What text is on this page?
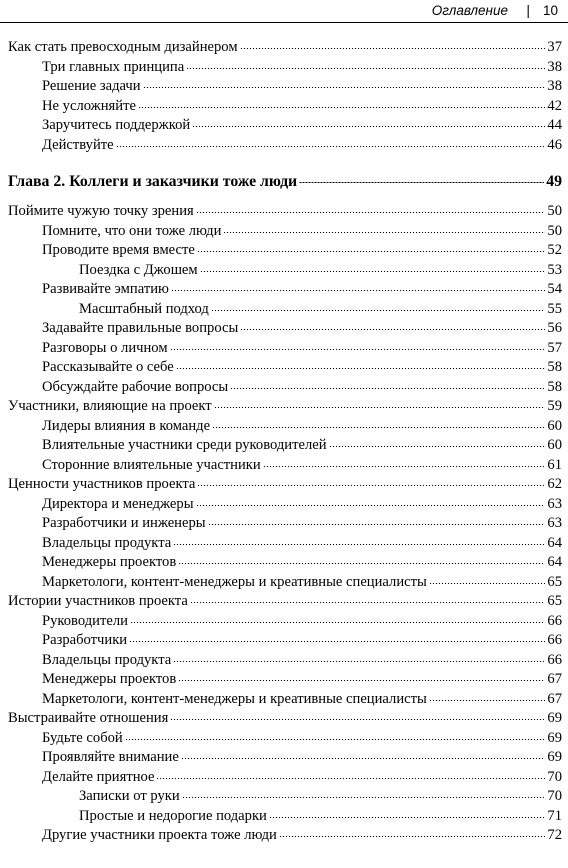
Оглавление | 10
Как стать превосходным дизайнером	37
Три главных принципа	38
Решение задачи	38
Не усложняйте	42
Заручитесь поддержкой	44
Действуйте	46
Глава 2. Коллеги и заказчики тоже люди	49
Поймите чужую точку зрения	50
Помните, что они тоже люди	50
Проводите время вместе	52
Поездка с Джошем	53
Развивайте эмпатию	54
Масштабный подход	55
Задавайте правильные вопросы	56
Разговоры о личном	57
Рассказывайте о себе	58
Обсуждайте рабочие вопросы	58
Участники, влияющие на проект	59
Лидеры влияния в команде	60
Влиятельные участники среди руководителей	60
Сторонние влиятельные участники	61
Ценности участников проекта	62
Директора и менеджеры	63
Разработчики и инженеры	63
Владельцы продукта	64
Менеджеры проектов	64
Маркетологи, контент-менеджеры и креативные специалисты	65
Истории участников проекта	65
Руководители	66
Разработчики	66
Владельцы продукта	66
Менеджеры проектов	67
Маркетологи, контент-менеджеры и креативные специалисты	67
Выстраивайте отношения	69
Будьте собой	69
Проявляйте внимание	69
Делайте приятное	70
Записки от руки	70
Простые и недорогие подарки	71
Другие участники проекта тоже люди	72
